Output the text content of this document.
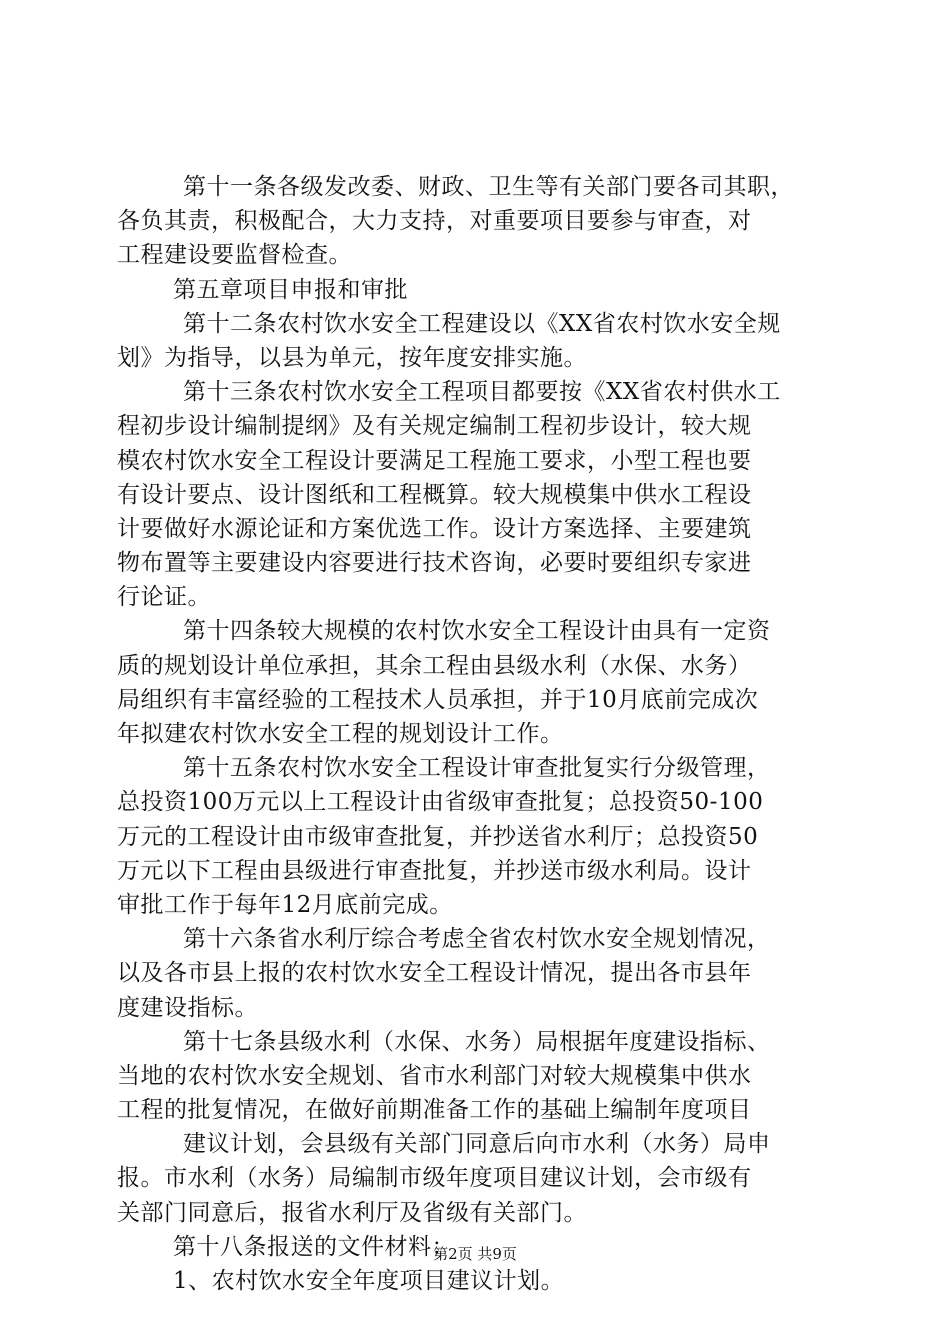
第十一条各级发改委、财政、卫生等有关部门要各司其职，
各负其责，积极配合，大力支持，对重要项目要参与审查，对
工程建设要监督检查。
第五章项目申报和审批
第十二条农村饮水安全工程建设以《XX省农村饮水安全规
划》为指导，以县为单元，按年度安排实施。
第十三条农村饮水安全工程项目都要按《XX省农村供水工
程初步设计编制提纲》及有关规定编制工程初步设计，较大规
模农村饮水安全工程设计要满足工程施工要求，小型工程也要
有设计要点、设计图纸和工程概算。较大规模集中供水工程设
计要做好水源论证和方案优选工作。设计方案选择、主要建筑
物布置等主要建设内容要进行技术咨询，必要时要组织专家进
行论证。
第十四条较大规模的农村饮水安全工程设计由具有一定资
质的规划设计单位承担，其余工程由县级水利（水保、水务）
局组织有丰富经验的工程技术人员承担，并于10月底前完成次
年拟建农村饮水安全工程的规划设计工作。
第十五条农村饮水安全工程设计审查批复实行分级管理，
总投资100万元以上工程设计由省级审查批复；总投资50-100
万元的工程设计由市级审查批复，并抄送省水利厅；总投资50
万元以下工程由县级进行审查批复，并抄送市级水利局。设计
审批工作于每年12月底前完成。
第十六条省水利厅综合考虑全省农村饮水安全规划情况，
以及各市县上报的农村饮水安全工程设计情况，提出各市县年
度建设指标。
第十七条县级水利（水保、水务）局根据年度建设指标、
当地的农村饮水安全规划、省市水利部门对较大规模集中供水
工程的批复情况，在做好前期准备工作的基础上编制年度项目
建议计划，会县级有关部门同意后向市水利（水务）局申
报。市水利（水务）局编制市级年度项目建议计划，会市级有
关部门同意后，报省水利厅及省级有关部门。
第十八条报送的文件材料：
1、农村饮水安全年度项目建议计划。
第2页 共9页
